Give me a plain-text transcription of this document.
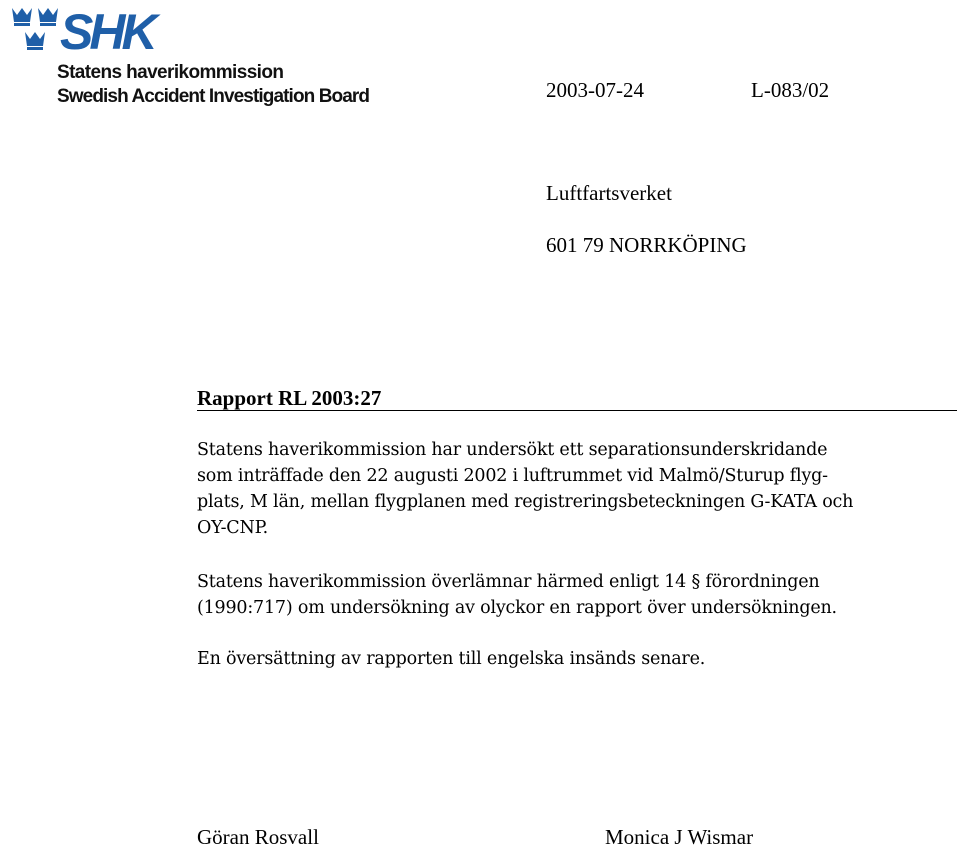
SHK
Statens haverikommission
Swedish Accident Investigation Board	2003-07-24	L-083/02
Luftfartsverket
601 79 NORRKÖPING
Rapport RL 2003:27
Statens haverikommission har undersökt ett separationsunderskridande
som inträffade den 22 augusti 2002 i luftrummet vid Malmö/Sturup flyg-
plats, M län, mellan flygplanen med registreringsbeteckningen G-KATA och
OY-CNP.
Statens haverikommission överlämnar härmed enligt 14 § förordningen
(1990:717) om undersökning av olyckor en rapport över undersökningen.
En översättning av rapporten till engelska insänds senare.
Göran Rosvall	Monica J Wismar
